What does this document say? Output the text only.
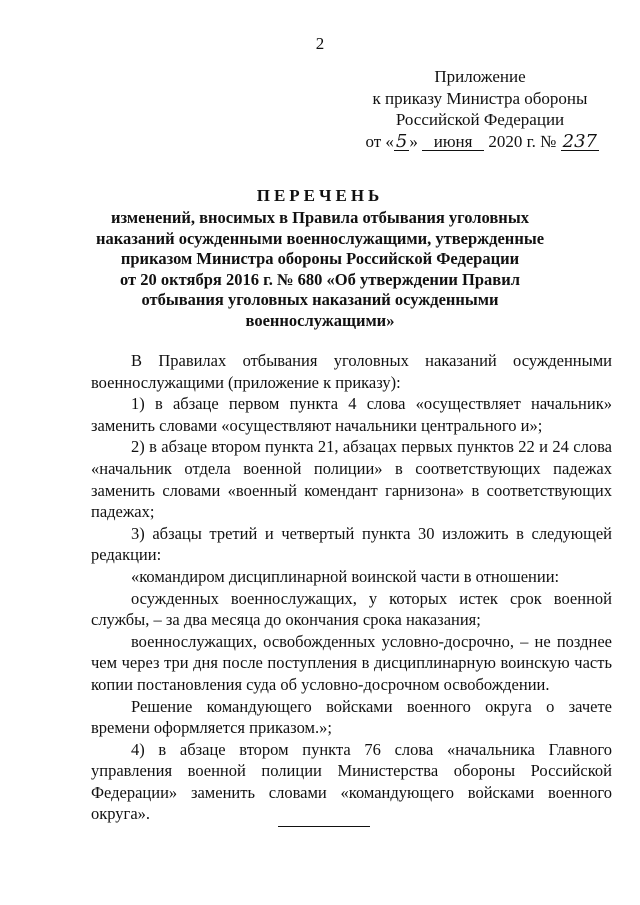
2
Приложение
к приказу Министра обороны
Российской Федерации
от « 5 » июня 2020 г. № 237
ПЕРЕЧЕНЬ
изменений, вносимых в Правила отбывания уголовных
наказаний осужденными военнослужащими, утвержденные
приказом Министра обороны Российской Федерации
от 20 октября 2016 г. № 680 «Об утверждении Правил
отбывания уголовных наказаний осужденными
военнослужащими»

В Правилах отбывания уголовных наказаний осужденными военнослужащими (приложение к приказу):

1) в абзаце первом пункта 4 слова «осуществляет начальник» заменить словами «осуществляют начальники центрального и»;

2) в абзаце втором пункта 21, абзацах первых пунктов 22 и 24 слова «начальник отдела военной полиции» в соответствующих падежах заменить словами «военный комендант гарнизона» в соответствующих падежах;

3) абзацы третий и четвертый пункта 30 изложить в следующей редакции:

«командиром дисциплинарной воинской части в отношении:

осужденных военнослужащих, у которых истек срок военной службы, – за два месяца до окончания срока наказания;

военнослужащих, освобожденных условно-досрочно, – не позднее чем через три дня после поступления в дисциплинарную воинскую часть копии постановления суда об условно-досрочном освобождении.

Решение командующего войсками военного округа о зачете времени оформляется приказом.»;

4) в абзаце втором пункта 76 слова «начальника Главного управления военной полиции Министерства обороны Российской Федерации» заменить словами «командующего войсками военного округа».
